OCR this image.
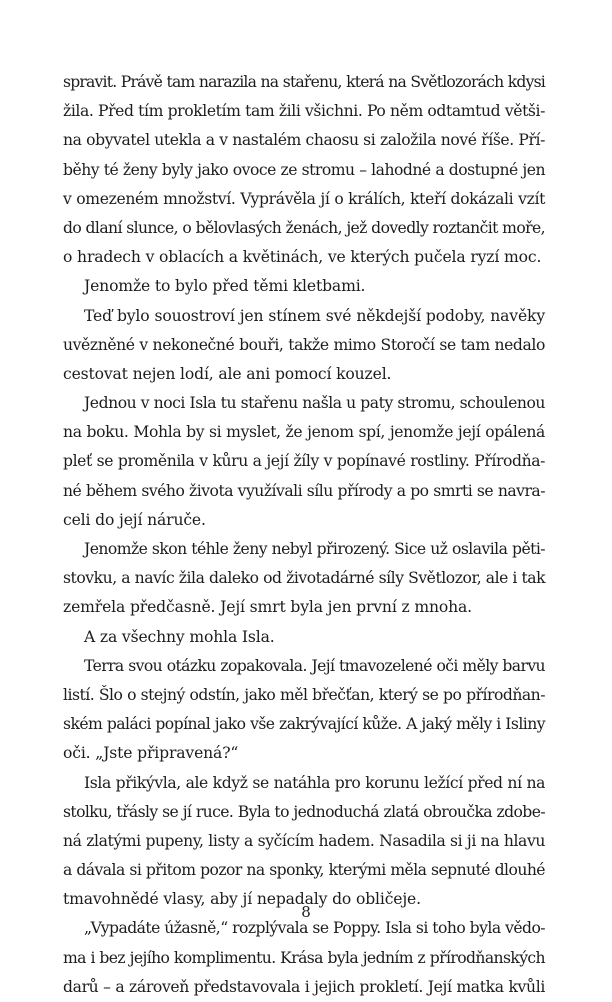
spravit. Právě tam narazila na stařenu, která na Světlozorách kdysi
žila. Před tím prokletím tam žili všichni. Po něm odtamtud větši-
na obyvatel utekla a v nastalém chaosu si založila nové říše. Pří-
běhy té ženy byly jako ovoce ze stromu – lahodné a dostupné jen
v omezeném množství. Vyprávěla jí o králích, kteří dokázali vzít
do dlaní slunce, o bělovlasých ženách, jež dovedly roztančit moře,
o hradech v oblacích a květinách, ve kterých pučela ryzí moc.
Jenomže to bylo před těmi kletbami.
Teď bylo souostroví jen stínem své někdejší podoby, navěky
uvězněné v nekonečné bouři, takže mimo Storočí se tam nedalo
cestovat nejen lodí, ale ani pomocí kouzel.
Jednou v noci Isla tu stařenu našla u paty stromu, schoulenou
na boku. Mohla by si myslet, že jenom spí, jenomže její opálená
pleť se proměnila v kůru a její žíly v popínavé rostliny. Přírodňa-
né během svého života využívali sílu přírody a po smrti se navra-
celi do její náruče.
Jenomže skon téhle ženy nebyl přirozený. Sice už oslavila pěti-
stovku, a navíc žila daleko od životadárné síly Světlozor, ale i tak
zemřela předčasně. Její smrt byla jen první z mnoha.
A za všechny mohla Isla.
Terra svou otázku zopakovala. Její tmavozelené oči měly barvu
listí. Šlo o stejný odstín, jako měl břečťan, který se po přírodňan-
ském paláci popínal jako vše zakrývající kůže. A jaký měly i Isliny
oči. „Jste připravená?“
Isla přikývla, ale když se natáhla pro korunu ležící před ní na
stolku, třásly se jí ruce. Byla to jednoduchá zlatá obroučka zdobe-
ná zlatými pupeny, listy a syčícím hadem. Nasadila si ji na hlavu
a dávala si přitom pozor na sponky, kterými měla sepnuté dlouhé
tmavohnědé vlasy, aby jí nepadaly do obličeje.
„Vypadáte úžasně,“ rozplývala se Poppy. Isla si toho byla vědo-
ma i bez jejího komplimentu. Krása byla jedním z přírodňanských
darů – a zároveň představovala i jejich prokletí. Její matka kvůli
8
